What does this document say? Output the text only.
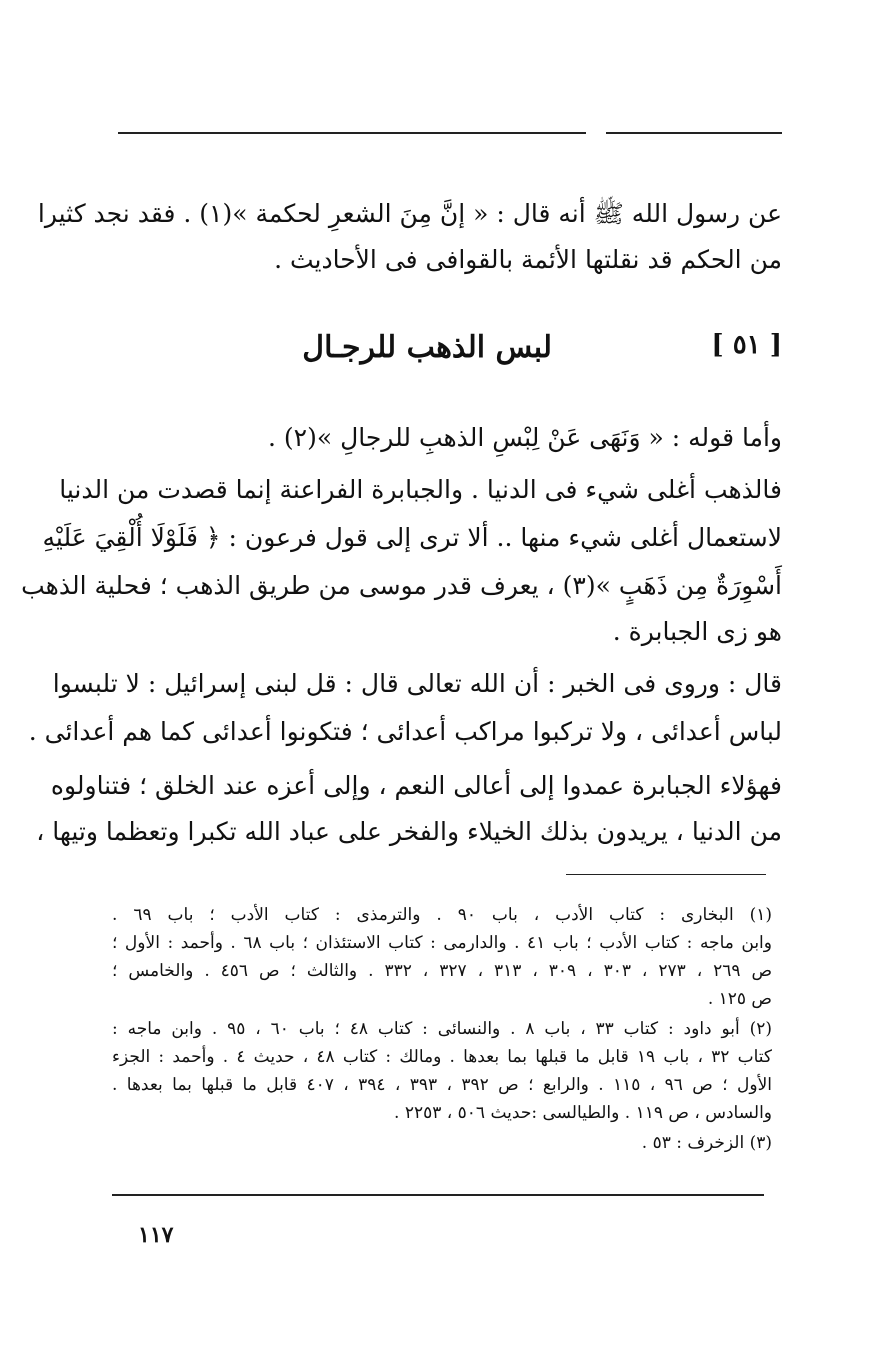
عن رسول الله ﷺ أنه قال : « إنَّ مِنَ الشعرِ لحكمة »(١) . فقد نجد كثيرا
من الحكم قد نقلتها الأئمة بالقوافى فى الأحاديث .
[ ٥١ ]
لبس الذهب للرجـال
وأما قوله : « وَنَهَى عَنْ لِبْسِ الذهبِ للرجالِ »(٢) .
فالذهب أغلى شيء فى الدنيا . والجبابرة الفراعنة إنما قصدت من الدنيا
لاستعمال أغلى شيء منها .. ألا ترى إلى قول فرعون : ﴿ فَلَوْلَا أُلْقِيَ عَلَيْهِ
أَسْوِرَةٌ مِن ذَهَبٍ »(٣) ، يعرف قدر موسى من طريق الذهب ؛ فحلية الذهب
هو زى الجبابرة .
قال : وروى فى الخبر : أن الله تعالى قال : قل لبنى إسرائيل : لا تلبسوا
لباس أعدائى ، ولا تركبوا مراكب أعدائى ؛ فتكونوا أعدائى كما هم أعدائى .
فهؤلاء الجبابرة عمدوا إلى أعالى النعم ، وإلى أعزه عند الخلق ؛ فتناولوه
من الدنيا ، يريدون بذلك الخيلاء والفخر على عباد الله تكبرا وتعظما وتيها ،
(١) البخارى : كتاب الأدب ، باب ٩٠ . والترمذى : كتاب الأدب ؛ باب ٦٩ .
وابن ماجه : كتاب الأدب ؛ باب ٤١ . والدارمى : كتاب الاستئذان ؛ باب ٦٨ . وأحمد : الأول ؛
ص ٢٦٩ ، ٢٧٣ ، ٣٠٣ ، ٣٠٩ ، ٣١٣ ، ٣٢٧ ، ٣٣٢ . والثالث ؛ ص ٤٥٦ . والخامس ؛
ص ١٢٥ .
(٢) أبو داود : كتاب ٣٣ ، باب ٨ . والنسائى : كتاب ٤٨ ؛ باب ٦٠ ، ٩٥ . وابن ماجه :
كتاب ٣٢ ، باب ١٩ قابل ما قبلها بما بعدها . ومالك : كتاب ٤٨ ، حديث ٤ . وأحمد : الجزء
الأول ؛ ص ٩٦ ، ١١٥ . والرابع ؛ ص ٣٩٢ ، ٣٩٣ ، ٣٩٤ ، ٤٠٧ قابل ما قبلها بما بعدها .
والسادس ، ص ١١٩ . والطيالسى :حديث ٥٠٦ ، ٢٢٥٣ .
(٣) الزخرف : ٥٣ .
١١٧
